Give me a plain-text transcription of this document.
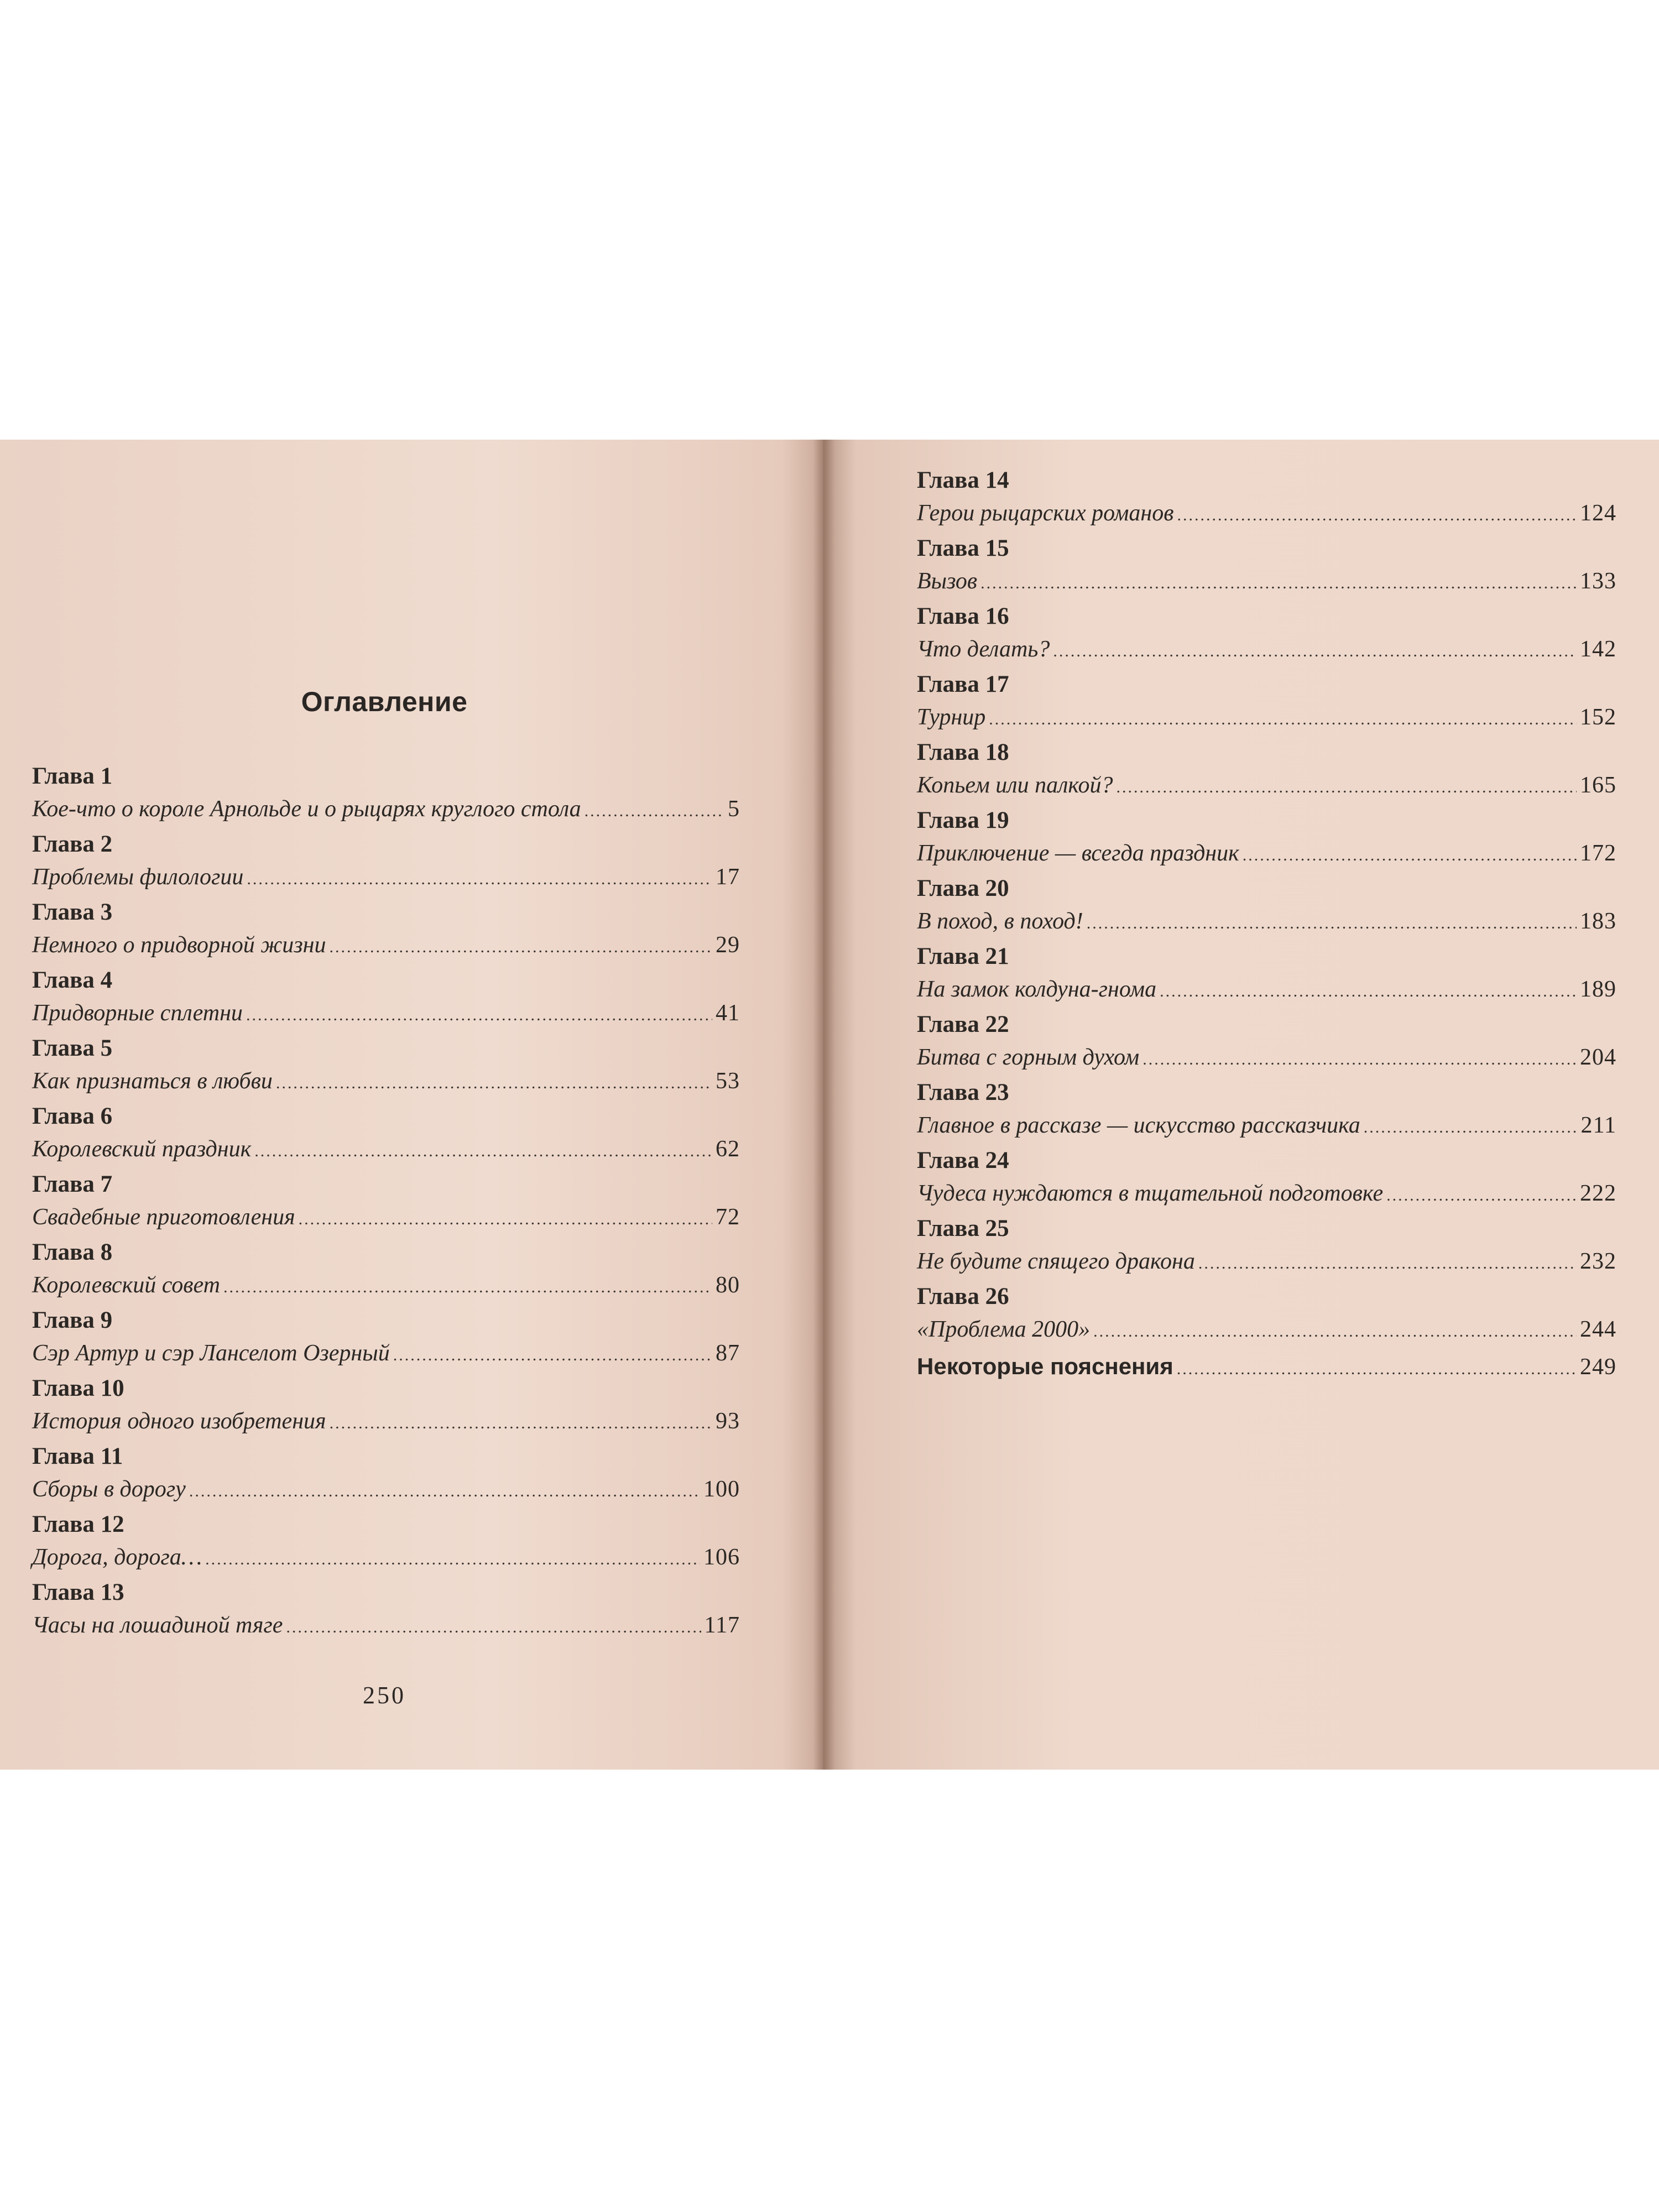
Оглавление
Глава 1
Кое-что о короле Арнольде и о рыцарях круглого стола .....	5
Глава 2
Проблемы филологии .....	17
Глава 3
Немного о придворной жизни .....	29
Глава 4
Придворные сплетни .....	41
Глава 5
Как признаться в любви .....	53
Глава 6
Королевский праздник .....	62
Глава 7
Свадебные приготовления .....	72
Глава 8
Королевский совет .....	80
Глава 9
Сэр Артур и сэр Ланселот Озерный .....	87
Глава 10
История одного изобретения .....	93
Глава 11
Сборы в дорогу .....	100
Глава 12
Дорога, дорога… .....	106
Глава 13
Часы на лошадиной тяге .....	117
250
Глава 14
Герои рыцарских романов .....	124
Глава 15
Вызов .....	133
Глава 16
Что делать? .....	142
Глава 17
Турнир .....	152
Глава 18
Копьем или палкой? .....	165
Глава 19
Приключение — всегда праздник .....	172
Глава 20
В поход, в поход! .....	183
Глава 21
На замок колдуна-гнома .....	189
Глава 22
Битва с горным духом .....	204
Глава 23
Главное в рассказе — искусство рассказчика .....	211
Глава 24
Чудеса нуждаются в тщательной подготовке .....	222
Глава 25
Не будите спящего дракона .....	232
Глава 26
«Проблема 2000» .....	244
Некоторые пояснения .....	249
